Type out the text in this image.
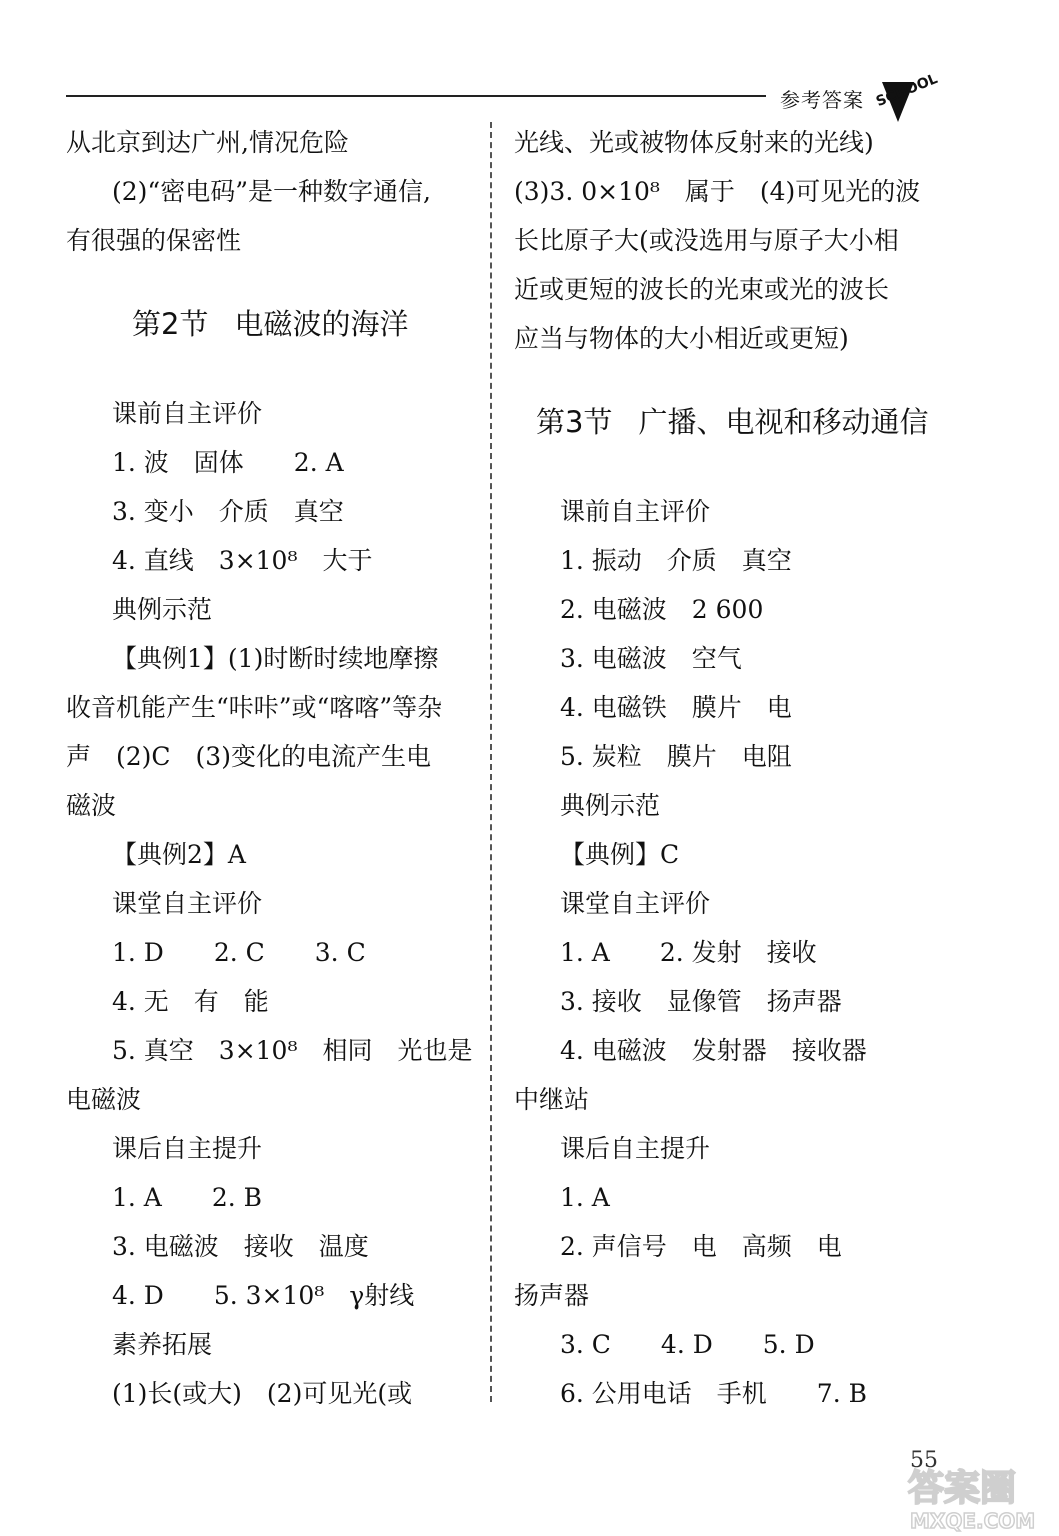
参考答案 SCHOOL
从北京到达广州,情况危险
(2)“密电码”是一种数字通信,
有很强的保密性
第2节 电磁波的海洋
课前自主评价
1. 波　固体　　2. A
3. 变小　介质　真空
4. 直线　3×10⁸　大于
典例示范
【典例1】(1)时断时续地摩擦
收音机能产生“咔咔”或“喀喀”等杂
声　(2)C　(3)变化的电流产生电
磁波
【典例2】A
课堂自主评价
1. D　　2. C　　3. C
4. 无　有　能
5. 真空　3×10⁸　相同　光也是
电磁波
课后自主提升
1. A　　2. B
3. 电磁波　接收　温度
4. D　　5. 3×10⁸　γ射线
素养拓展
(1)长(或大)　(2)可见光(或
光线、光或被物体反射来的光线)
(3)3. 0×10⁸　属于　(4)可见光的波
长比原子大(或没选用与原子大小相
近或更短的波长的光束或光的波长
应当与物体的大小相近或更短)
第3节 广播、电视和移动通信
课前自主评价
1. 振动　介质　真空
2. 电磁波　2 600
3. 电磁波　空气
4. 电磁铁　膜片　电
5. 炭粒　膜片　电阻
典例示范
【典例】C
课堂自主评价
1. A　　2. 发射　接收
3. 接收　显像管　扬声器
4. 电磁波　发射器　接收器
中继站
课后自主提升
1. A
2. 声信号　电　高频　电
扬声器
3. C　　4. D　　5. D
6. 公用电话　手机　　7. B
55
答案圈
MXQE.COM
